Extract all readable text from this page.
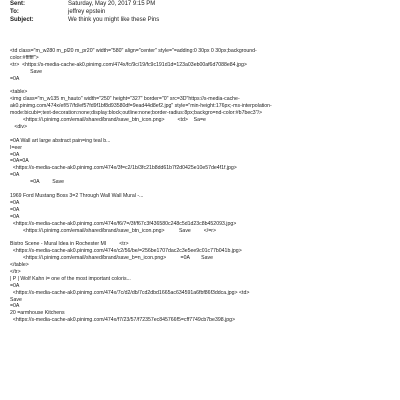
Sent:	Saturday, May 20, 2017 9:15 PM
To:	jeffrey epstein
Subject:	We think you might like these Pins
<td class="m_w280 m_pl20 m_pr20" width="580" align="center" style="=adding:0 30px 0 30px;background-
color:#ffffff">
<tr>  <https://s-media-cache-ak0.pinimg.com/474x/fc/9c/19/fc9c191d1d=123a03eb00af6d7088e84.jpg>
Save
=0A
<table>
<img class="m_w135 m_hauto" width="250" height="327" border="0" src=3D"https://s-media-cache-
ak0.pinimg.com/474x/ef/57/fd/ef57fd9f1bf8d93580df=9ead44d8ef2.jpg" style="min-height:176px;-ms-interpolation-
mode:bicubi=;text-decoration:none;display:block;outline:none;border-radius:8px;backgro=nd-color:#b7bec3"/>
<https://i.pinimg.com/email/shared/brand/save_btn_icon.png>         <td>    Sa=e
<div>
=0A Wall art large abstract pain=ing teal b...
I=eer
=0A
=0A=0A
<https://s-media-cache-ak0.pinimg.com/474x/3f=c2/1b/3fc21b8dd61b7f2d0425e10e57de4f1f.jpg>
=0A
=0A         Save
1969 Ford Mustang Boss 3=2 Through Wall Wall Mural -...
=0A
=0A
=0A
<https://s-media-cache-ak0.pinimg.com/474x/f6/7=/3f/f67c3f436580c248c5d1d23c8b452093.jpg>
<https://i.pinimg.com/email/shared/brand/save_btn_icon.png>          Save         </=r>
Bistro Scene - Mural Idea in Rochester MI         <tr>
<https://s-media-cache-ak0.pinimg.com/474x/c2/56/be/=256be1707dac2c3e5ee9c01c77b041b.jpg>
<https://i.pinimg.com/email/shared/brand/save_b=n_icon.png>          =0A        Save
</table>
</tr>
| P | Wolf Kahn i= one of the most important coloris...
=0A
<https://s-media-cache-ak0.pinimg.com/474x/7c/d2/db/7cd2dbd1665ac634591a6fbf86f3ddca.jpg> <td>
Save
=0A
20 =armhouse Kitchens
<https://s-media-cache-ak0.pinimg.com/474x/f7/23/57/f72357ec845766f5=cff7749cb7be398.jpg>
